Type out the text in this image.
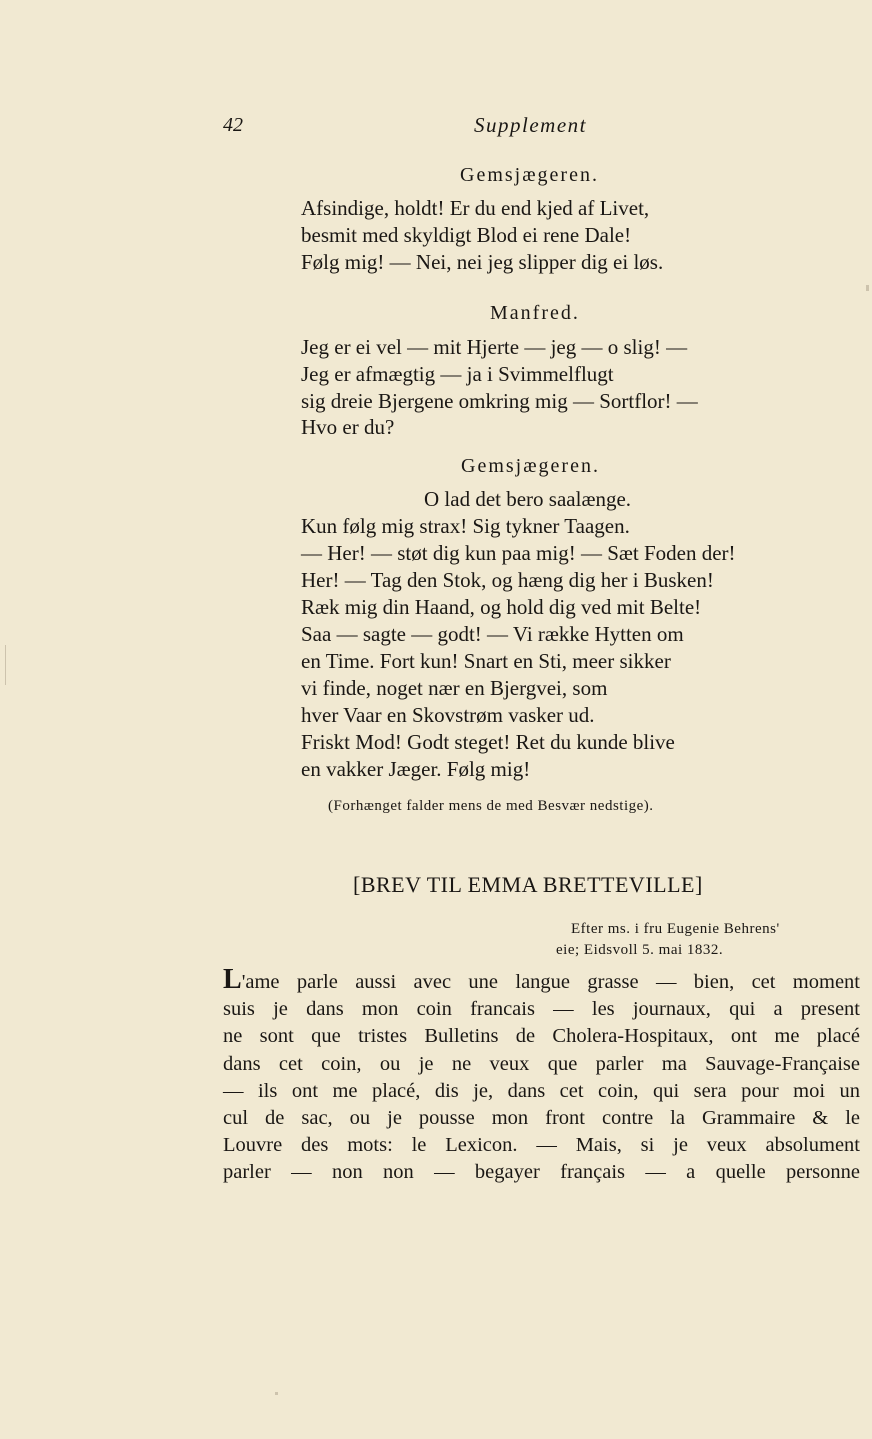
42	Supplement
Gemsjægeren.
Afsindige, holdt! Er du end kjed af Livet,
besmit med skyldigt Blod ei rene Dale!
Følg mig! — Nei, nei jeg slipper dig ei løs.
Manfred.
Jeg er ei vel — mit Hjerte — jeg — o slig! —
Jeg er afmægtig — ja i Svimmelflugt
sig dreie Bjergene omkring mig — Sortflor! —
Hvo er du?
Gemsjægeren.
O lad det bero saalænge.
Kun følg mig strax! Sig tykner Taagen.
— Her! — støt dig kun paa mig! — Sæt Foden der!
Her! — Tag den Stok, og hæng dig her i Busken!
Ræk mig din Haand, og hold dig ved mit Belte!
Saa — sagte — godt! — Vi række Hytten om
en Time. Fort kun! Snart en Sti, meer sikker
vi finde, noget nær en Bjergvei, som
hver Vaar en Skovstrøm vasker ud.
Friskt Mod! Godt steget! Ret du kunde blive
en vakker Jæger. Følg mig!
(Forhænget falder mens de med Besvær nedstige).
[BREV TIL EMMA BRETTEVILLE]
Efter ms. i fru Eugenie Behrens'
eie; Eidsvoll 5. mai 1832.
L'ame parle aussi avec une langue grasse — bien, cet moment
suis je dans mon coin francais — les journaux, qui a present
ne sont que tristes Bulletins de Cholera-Hospitaux, ont me placé
dans cet coin, ou je ne veux que parler ma Sauvage-Française
— ils ont me placé, dis je, dans cet coin, qui sera pour moi un
cul de sac, ou je pousse mon front contre la Grammaire & le
Louvre des mots: le Lexicon. — Mais, si je veux absolument
parler — non non — begayer français — a quelle personne
